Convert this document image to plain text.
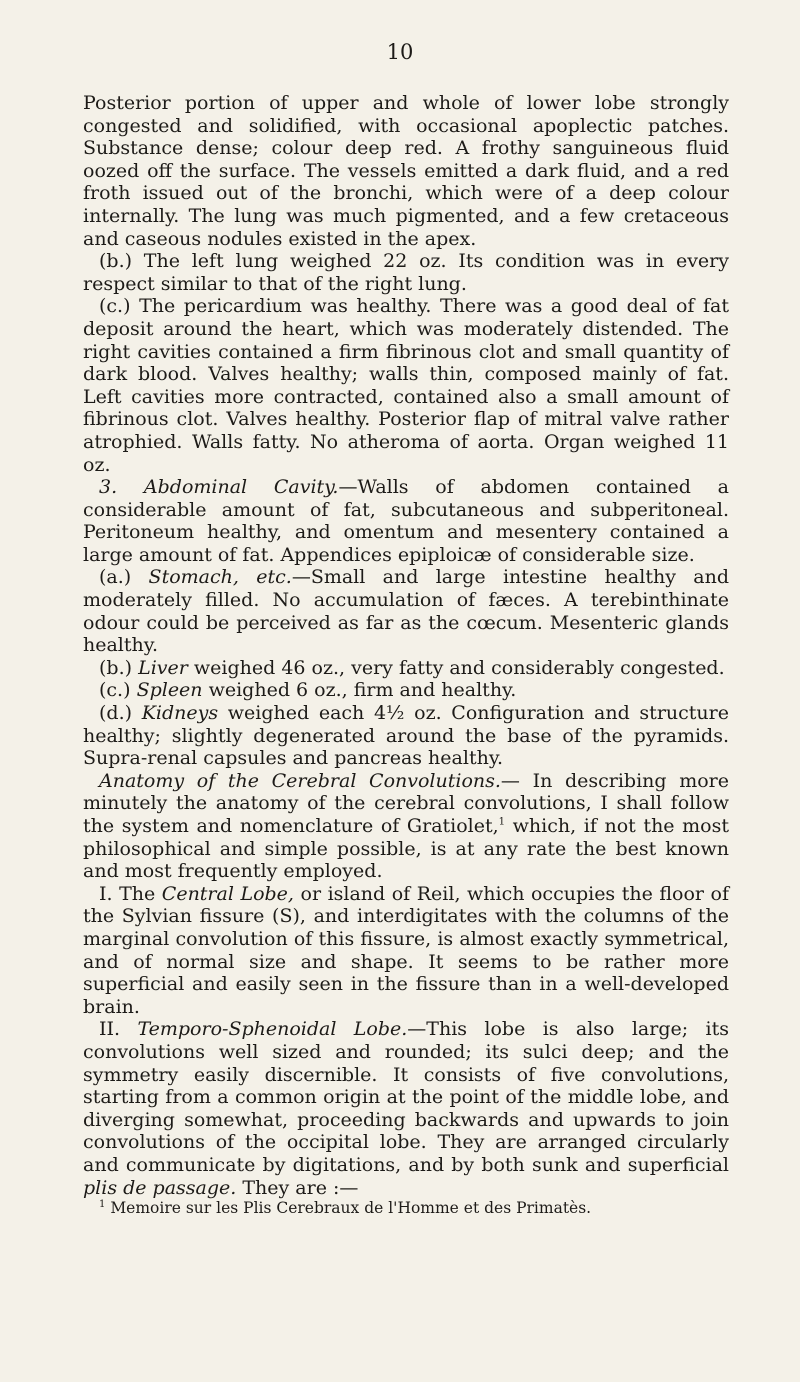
10

Posterior portion of upper and whole of lower lobe strongly congested and solidified, with occasional apoplectic patches. Substance dense; colour deep red. A frothy sanguineous fluid oozed off the surface. The vessels emitted a dark fluid, and a red froth issued out of the bronchi, which were of a deep colour internally. The lung was much pigmented, and a few cretaceous and caseous nodules existed in the apex.

(b.) The left lung weighed 22 oz. Its condition was in every respect similar to that of the right lung.

(c.) The pericardium was healthy. There was a good deal of fat deposit around the heart, which was moderately distended. The right cavities contained a firm fibrinous clot and small quantity of dark blood. Valves healthy; walls thin, composed mainly of fat. Left cavities more contracted, contained also a small amount of fibrinous clot. Valves healthy. Posterior flap of mitral valve rather atrophied. Walls fatty. No atheroma of aorta. Organ weighed 11 oz.

3. Abdominal Cavity.—Walls of abdomen contained a considerable amount of fat, subcutaneous and subperitoneal. Peritoneum healthy, and omentum and mesentery contained a large amount of fat. Appendices epiploicæ of considerable size.

(a.) Stomach, etc.—Small and large intestine healthy and moderately filled. No accumulation of fæces. A terebinthinate odour could be perceived as far as the cœcum. Mesenteric glands healthy.

(b.) Liver weighed 46 oz., very fatty and considerably congested.

(c.) Spleen weighed 6 oz., firm and healthy.

(d.) Kidneys weighed each 4½ oz. Configuration and structure healthy; slightly degenerated around the base of the pyramids. Supra-renal capsules and pancreas healthy.

Anatomy of the Cerebral Convolutions.— In describing more minutely the anatomy of the cerebral convolutions, I shall follow the system and nomenclature of Gratiolet,$^1$ which, if not the most philosophical and simple possible, is at any rate the best known and most frequently employed.

I. The Central Lobe, or island of Reil, which occupies the floor of the Sylvian fissure (S), and interdigitates with the columns of the marginal convolution of this fissure, is almost exactly symmetrical, and of normal size and shape. It seems to be rather more superficial and easily seen in the fissure than in a well-developed brain.

II. Temporo-Sphenoidal Lobe.—This lobe is also large; its convolutions well sized and rounded; its sulci deep; and the symmetry easily discernible. It consists of five convolutions, starting from a common origin at the point of the middle lobe, and diverging somewhat, proceeding backwards and upwards to join convolutions of the occipital lobe. They are arranged circularly and communicate by digitations, and by both sunk and superficial plis de passage. They are :—

$^1$ Memoire sur les Plis Cerebraux de l'Homme et des Primatès.
